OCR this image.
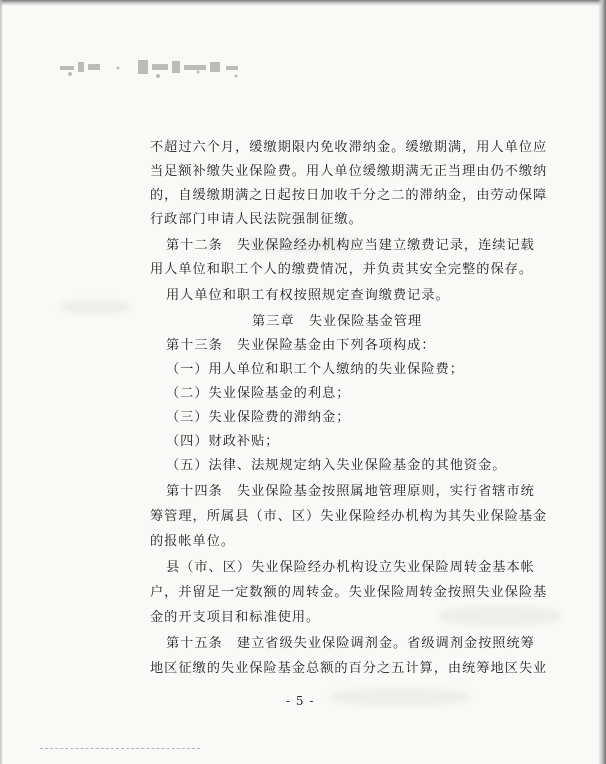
不超过六个月，缓缴期限内免收滞纳金。缓缴期满，用人单位应
当足额补缴失业保险费。用人单位缓缴期满无正当理由仍不缴纳
的，自缓缴期满之日起按日加收千分之二的滞纳金，由劳动保障
行政部门申请人民法院强制征缴。
第十二条　失业保险经办机构应当建立缴费记录，连续记载
用人单位和职工个人的缴费情况，并负责其安全完整的保存。
用人单位和职工有权按照规定查询缴费记录。
第三章　失业保险基金管理
第十三条　失业保险基金由下列各项构成：
（一）用人单位和职工个人缴纳的失业保险费；
（二）失业保险基金的利息；
（三）失业保险费的滞纳金；
（四）财政补贴；
（五）法律、法规规定纳入失业保险基金的其他资金。
第十四条　失业保险基金按照属地管理原则，实行省辖市统
筹管理，所属县（市、区）失业保险经办机构为其失业保险基金
的报帐单位。
县（市、区）失业保险经办机构设立失业保险周转金基本帐
户，并留足一定数额的周转金。失业保险周转金按照失业保险基
金的开支项目和标准使用。
第十五条　建立省级失业保险调剂金。省级调剂金按照统筹
地区征缴的失业保险基金总额的百分之五计算，由统筹地区失业
- 5 -
